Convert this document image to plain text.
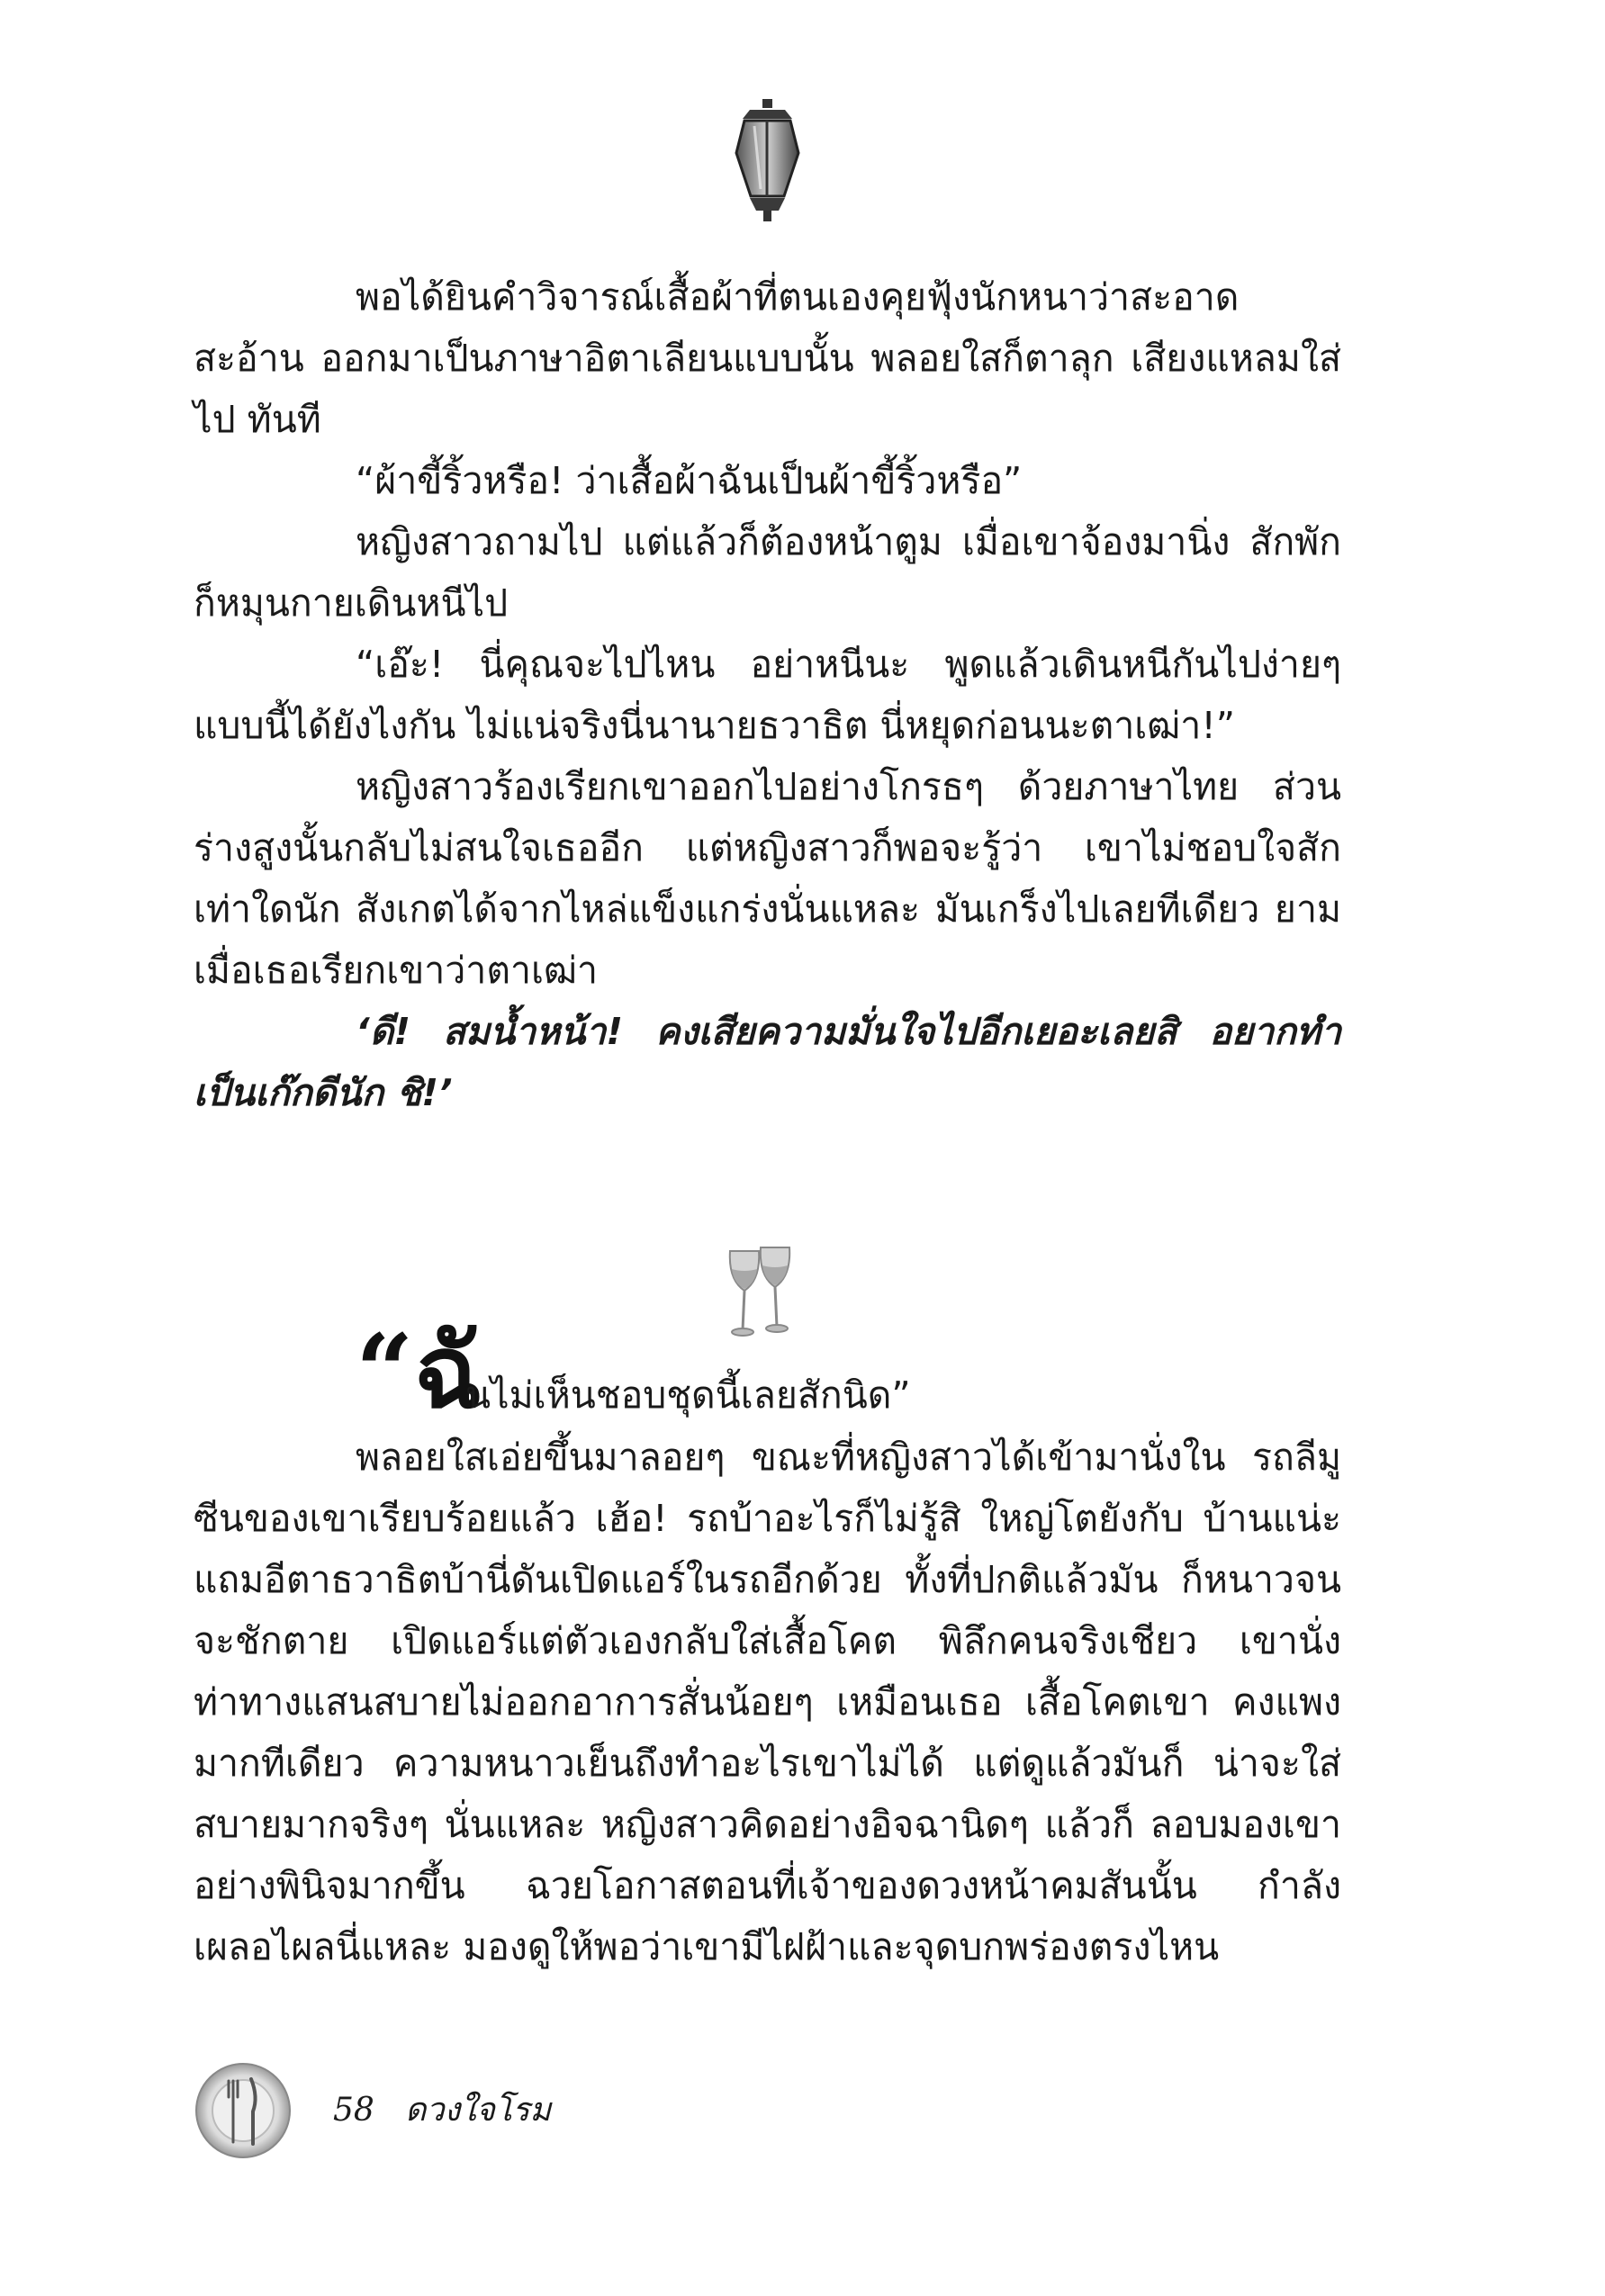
พอได้ยินคำวิจารณ์เสื้อผ้าที่ตนเองคุยฟุ้งนักหนาว่าสะอาดสะอ้าน ออกมาเป็นภาษาอิตาเลียนแบบนั้น พลอยใสก็ตาลุก เสียงแหลมใส่ไป ทันที

“ผ้าขี้ริ้วหรือ! ว่าเสื้อผ้าฉันเป็นผ้าขี้ริ้วหรือ”

หญิงสาวถามไป แต่แล้วก็ต้องหน้าตูม เมื่อเขาจ้องมานิ่ง สักพัก ก็หมุนกายเดินหนีไป

“เอ๊ะ! นี่คุณจะไปไหน อย่าหนีนะ พูดแล้วเดินหนีกันไปง่ายๆ แบบนี้ได้ยังไงกัน ไม่แน่จริงนี่นานายธวาธิต นี่หยุดก่อนนะตาเฒ่า!”

หญิงสาวร้องเรียกเขาออกไปอย่างโกรธๆ ด้วยภาษาไทย ส่วน ร่างสูงนั้นกลับไม่สนใจเธออีก แต่หญิงสาวก็พอจะรู้ว่า เขาไม่ชอบใจสัก เท่าใดนัก สังเกตได้จากไหล่แข็งแกร่งนั่นแหละ มันเกร็งไปเลยทีเดียว ยามเมื่อเธอเรียกเขาว่าตาเฒ่า

‘ดี! สมน้ำหน้า! คงเสียความมั่นใจไปอีกเยอะเลยสิ อยากทำ เป็นเก๊กดีนัก ชิ!’

“ฉั
นไม่เห็นชอบชุดนี้เลยสักนิด”

พลอยใสเอ่ยขึ้นมาลอยๆ ขณะที่หญิงสาวได้เข้ามานั่งใน รถลีมูซีนของเขาเรียบร้อยแล้ว เฮ้อ! รถบ้าอะไรก็ไม่รู้สิ ใหญ่โตยังกับ บ้านแน่ะ แถมอีตาธวาธิตบ้านี่ดันเปิดแอร์ในรถอีกด้วย ทั้งที่ปกติแล้วมัน ก็หนาวจนจะชักตาย เปิดแอร์แต่ตัวเองกลับใส่เสื้อโคต พิลึกคนจริงเชียว เขานั่งท่าทางแสนสบายไม่ออกอาการสั่นน้อยๆ เหมือนเธอ เสื้อโคตเขา คงแพงมากทีเดียว ความหนาวเย็นถึงทำอะไรเขาไม่ได้ แต่ดูแล้วมันก็ น่าจะใส่สบายมากจริงๆ นั่นแหละ หญิงสาวคิดอย่างอิจฉานิดๆ แล้วก็ ลอบมองเขาอย่างพินิจมากขึ้น ฉวยโอกาสตอนที่เจ้าของดวงหน้าคมสันนั้น กำลังเผลอไผลนี่แหละ มองดูให้พอว่าเขามีไฝฝ้าและจุดบกพร่องตรงไหน

58 ดวงใจโรม
